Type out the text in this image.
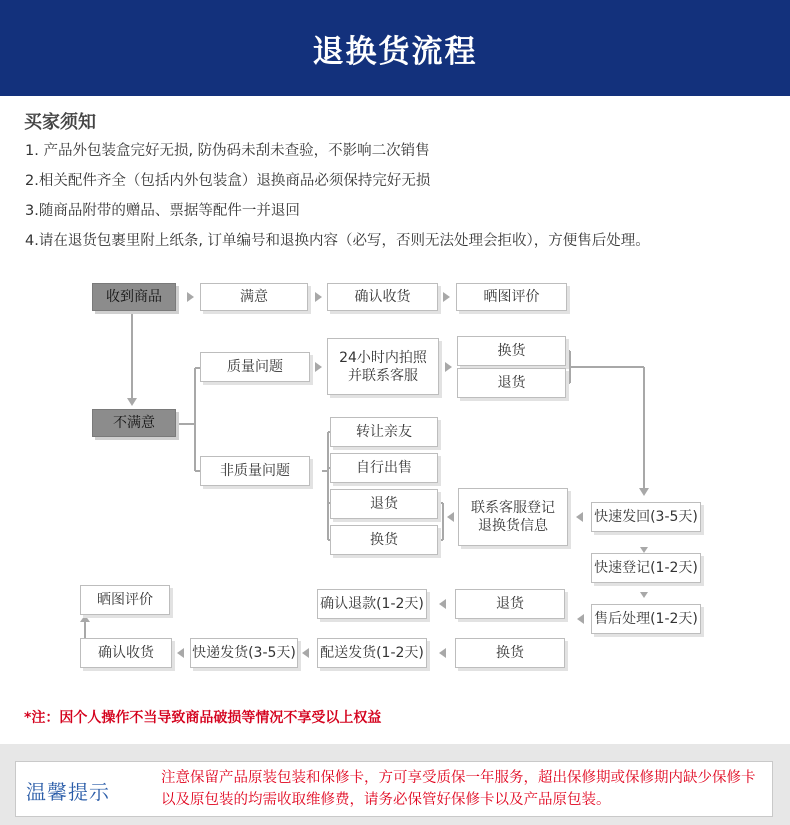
退换货流程
买家须知
1. 产品外包装盒完好无损, 防伪码未刮未查验，不影响二次销售
2.相关配件齐全（包括内外包装盒）退换商品必须保持完好无损
3.随商品附带的赠品、票据等配件一并退回
4.请在退货包裹里附上纸条, 订单编号和退换内容（必写，否则无法处理会拒收），方便售后处理。
收到商品	满意	确认收货	晒图评价
不满意
质量问题
24小时内拍照
并联系客服
换货
退货
非质量问题
转让亲友
自行出售
退货
换货
联系客服登记
退换货信息
快速发回(3-5天)
快速登记(1-2天)
售后处理(1-2天)
退货
换货
确认退款(1-2天)
配送发货(1-2天)
快递发货(3-5天)
晒图评价
确认收货
*注：因个人操作不当导致商品破损等情况不享受以上权益
温馨提示
注意保留产品原装包装和保修卡，方可享受质保一年服务，超出保修期或保修期内缺少保修卡以及原包装的均需收取维修费，请务必保管好保修卡以及产品原包装。
